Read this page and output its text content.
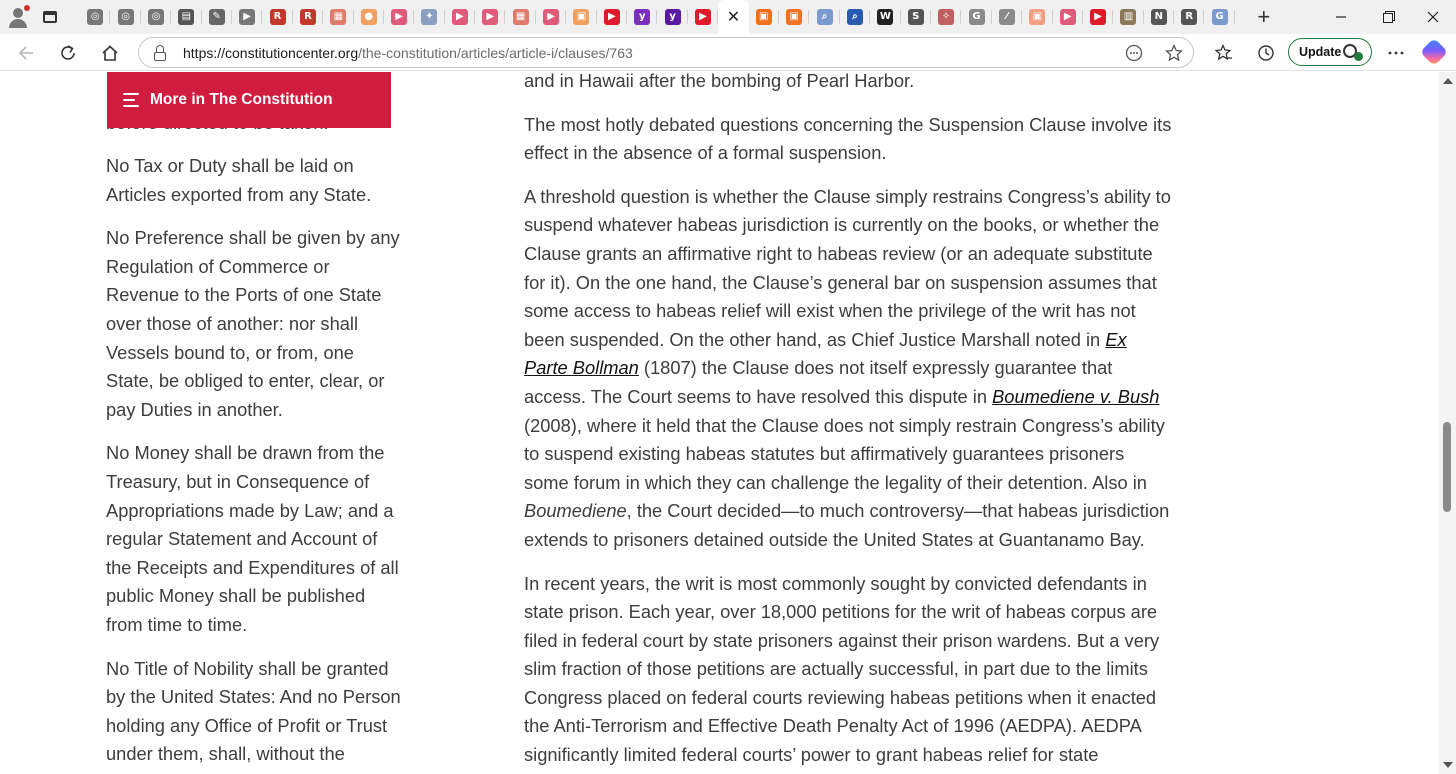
◎	◎	◎	▤	✎	▶	R	R	▦	●	▶	✦	▶	▶	▦	▶	▣	▶	y	y	▶ ✕	▣	▣	⌕	⌕	W	S	✧	G	⁄	▣	▶	▶	▥	N	R	G	+
https://constitutioncenter.org/the-constitution/articles/article-i/clauses/763	Update
More in The Constitution

No Tax or Duty shall be laid on Articles exported from any State.

No Preference shall be given by any Regulation of Commerce or Revenue to the Ports of one State over those of another: nor shall Vessels bound to, or from, one State, be obliged to enter, clear, or pay Duties in another.

No Money shall be drawn from the Treasury, but in Consequence of Appropriations made by Law; and a regular Statement and Account of the Receipts and Expenditures of all public Money shall be published from time to time.

No Title of Nobility shall be granted by the United States: And no Person holding any Office of Profit or Trust under them, shall, without the

and in Hawaii after the bombing of Pearl Harbor.

The most hotly debated questions concerning the Suspension Clause involve its effect in the absence of a formal suspension.

A threshold question is whether the Clause simply restrains Congress’s ability to suspend whatever habeas jurisdiction is currently on the books, or whether the Clause grants an affirmative right to habeas review (or an adequate substitute for it). On the one hand, the Clause’s general bar on suspension assumes that some access to habeas relief will exist when the privilege of the writ has not been suspended. On the other hand, as Chief Justice Marshall noted in Ex Parte Bollman (1807) the Clause does not itself expressly guarantee that access. The Court seems to have resolved this dispute in Boumediene v. Bush (2008), where it held that the Clause does not simply restrain Congress’s ability to suspend existing habeas statutes but affirmatively guarantees prisoners some forum in which they can challenge the legality of their detention. Also in Boumediene, the Court decided—to much controversy—that habeas jurisdiction extends to prisoners detained outside the United States at Guantanamo Bay.

In recent years, the writ is most commonly sought by convicted defendants in state prison. Each year, over 18,000 petitions for the writ of habeas corpus are filed in federal court by state prisoners against their prison wardens. But a very slim fraction of those petitions are actually successful, in part due to the limits Congress placed on federal courts reviewing habeas petitions when it enacted the Anti-Terrorism and Effective Death Penalty Act of 1996 (AEDPA). AEDPA significantly limited federal courts’ power to grant habeas relief for state
